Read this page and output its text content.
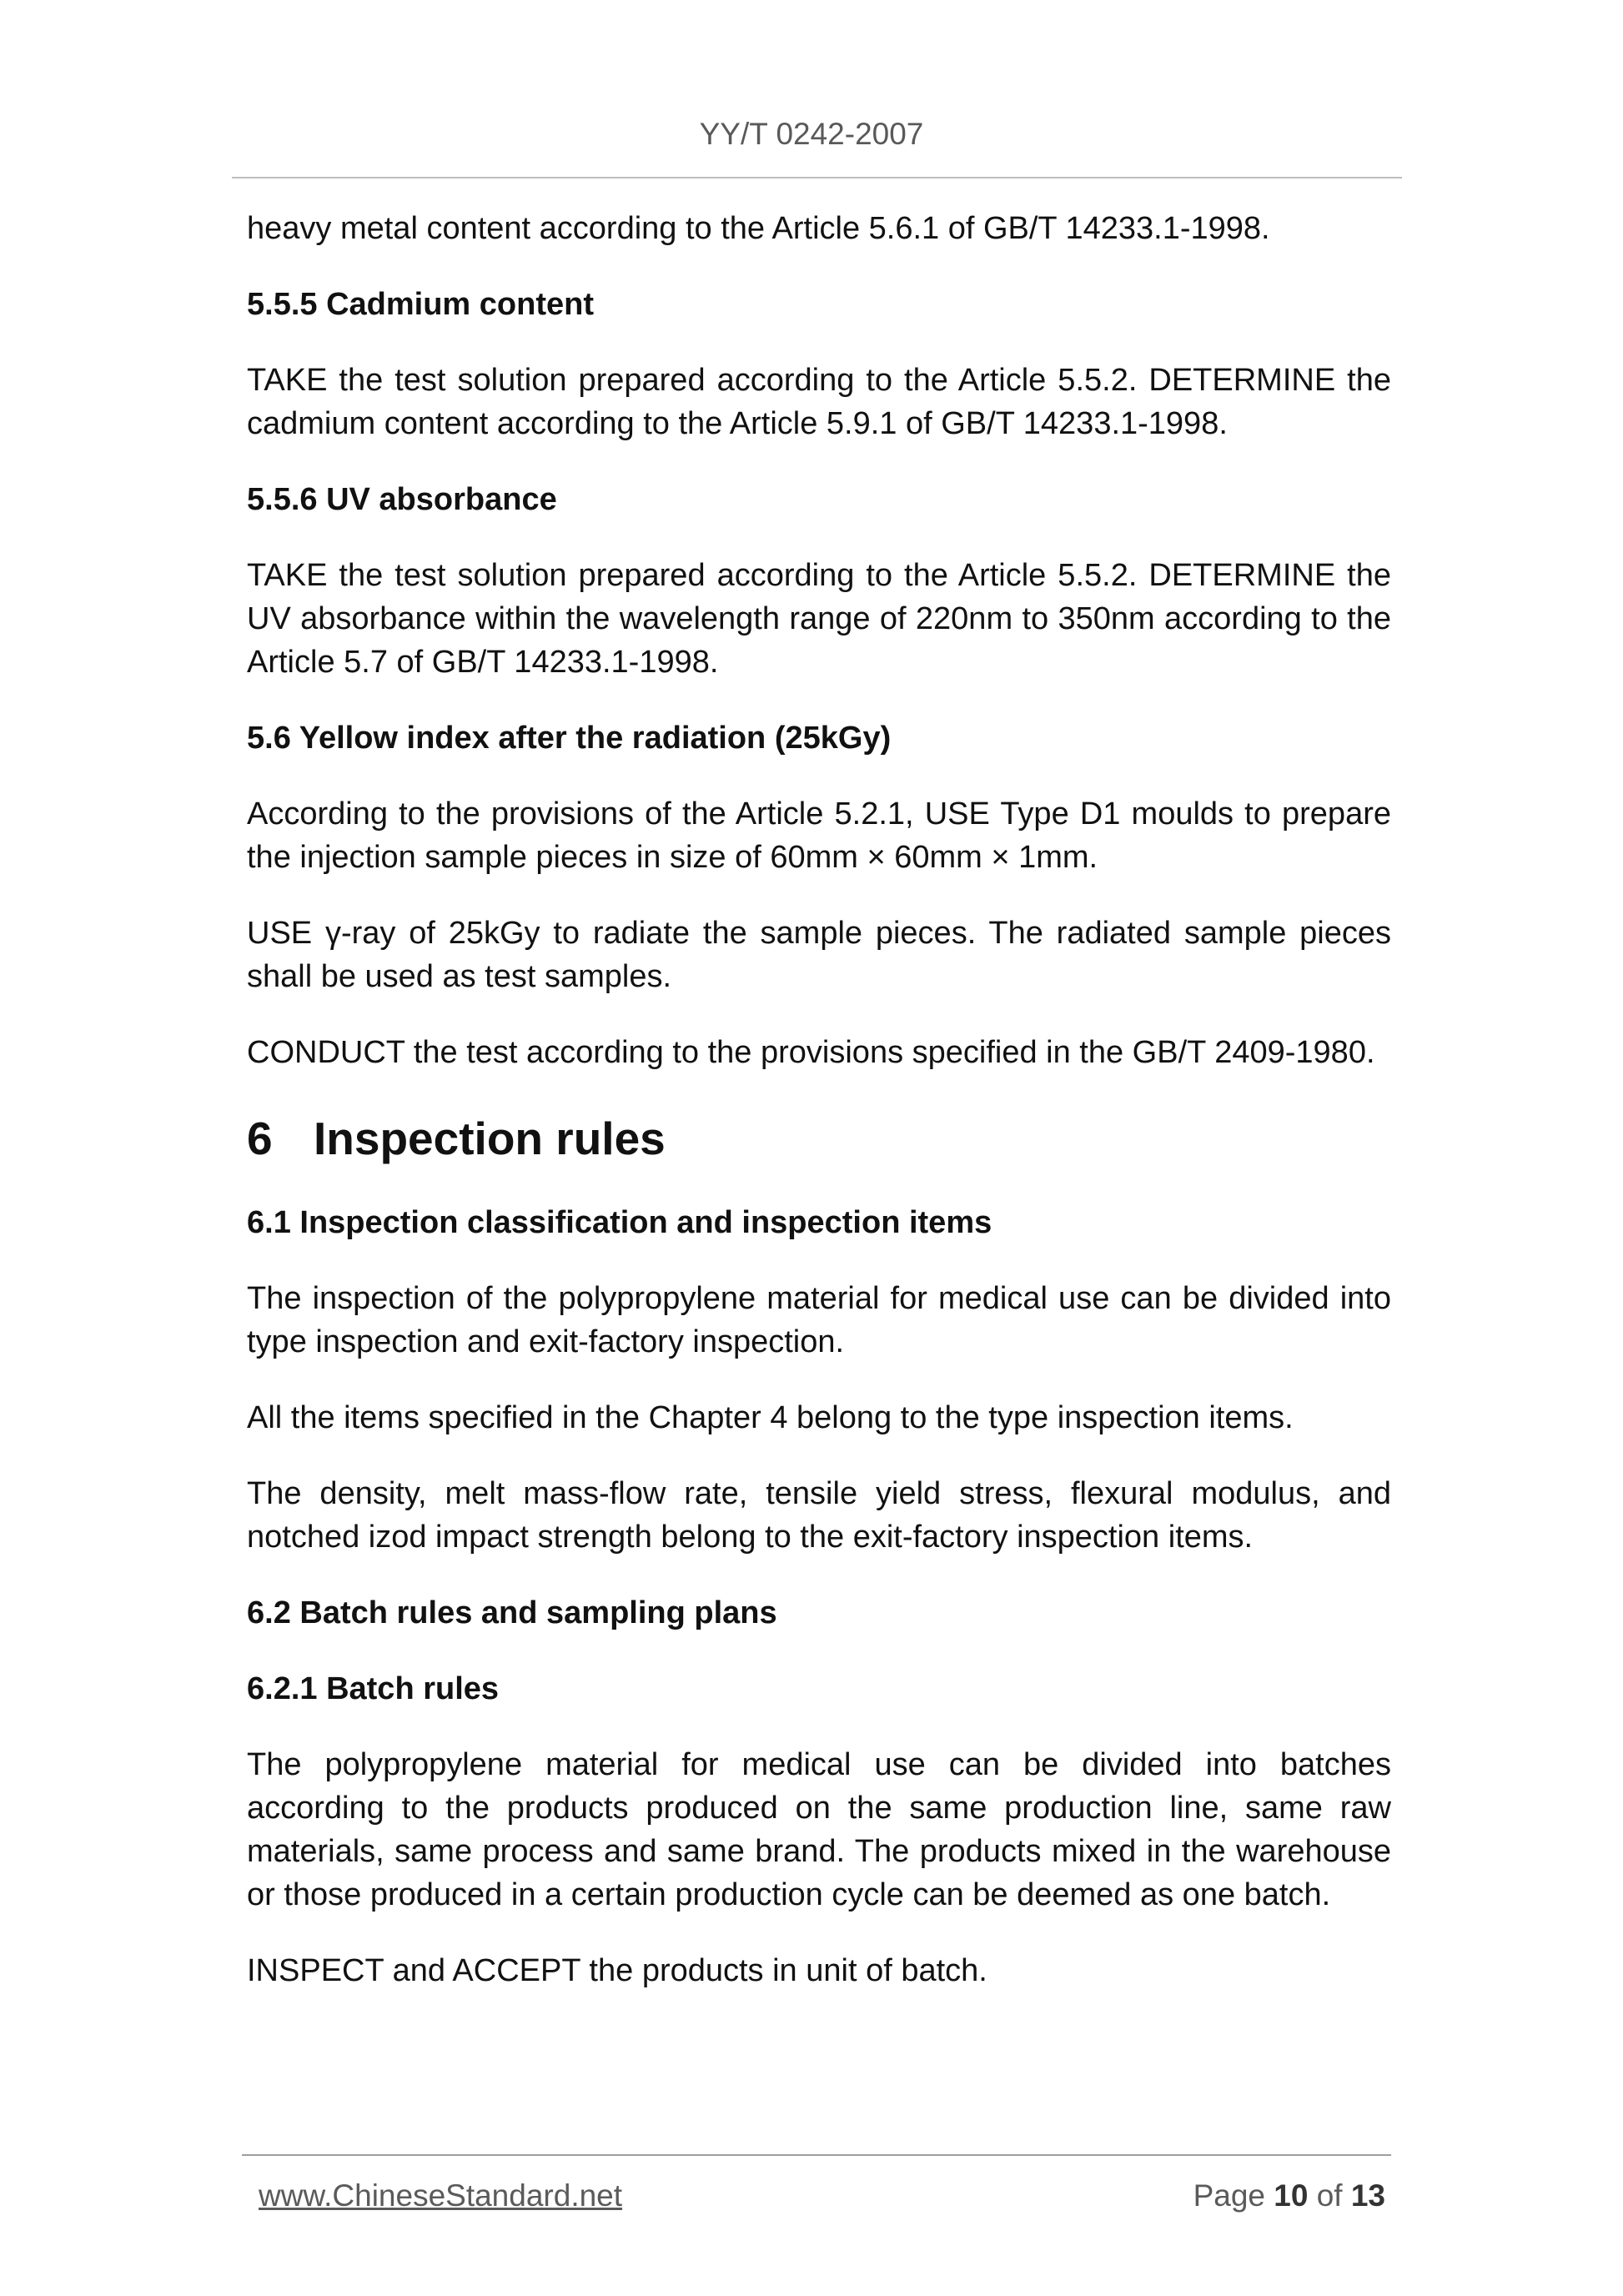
YY/T 0242-2007

heavy metal content according to the Article 5.6.1 of GB/T 14233.1-1998.

5.5.5 Cadmium content

TAKE the test solution prepared according to the Article 5.5.2. DETERMINE the cadmium content according to the Article 5.9.1 of GB/T 14233.1-1998.

5.5.6 UV absorbance

TAKE the test solution prepared according to the Article 5.5.2. DETERMINE the UV absorbance within the wavelength range of 220nm to 350nm according to the Article 5.7 of GB/T 14233.1-1998.

5.6 Yellow index after the radiation (25kGy)

According to the provisions of the Article 5.2.1, USE Type D1 moulds to prepare the injection sample pieces in size of 60mm × 60mm × 1mm.

USE γ-ray of 25kGy to radiate the sample pieces. The radiated sample pieces shall be used as test samples.

CONDUCT the test according to the provisions specified in the GB/T 2409-1980.

6 Inspection rules
6.1 Inspection classification and inspection items

The inspection of the polypropylene material for medical use can be divided into type inspection and exit-factory inspection.

All the items specified in the Chapter 4 belong to the type inspection items.

The density, melt mass-flow rate, tensile yield stress, flexural modulus, and notched izod impact strength belong to the exit-factory inspection items.

6.2 Batch rules and sampling plans
6.2.1 Batch rules

The polypropylene material for medical use can be divided into batches according to the products produced on the same production line, same raw materials, same process and same brand. The products mixed in the warehouse or those produced in a certain production cycle can be deemed as one batch.

INSPECT and ACCEPT the products in unit of batch.

www.ChineseStandard.net	Page 10 of 13
